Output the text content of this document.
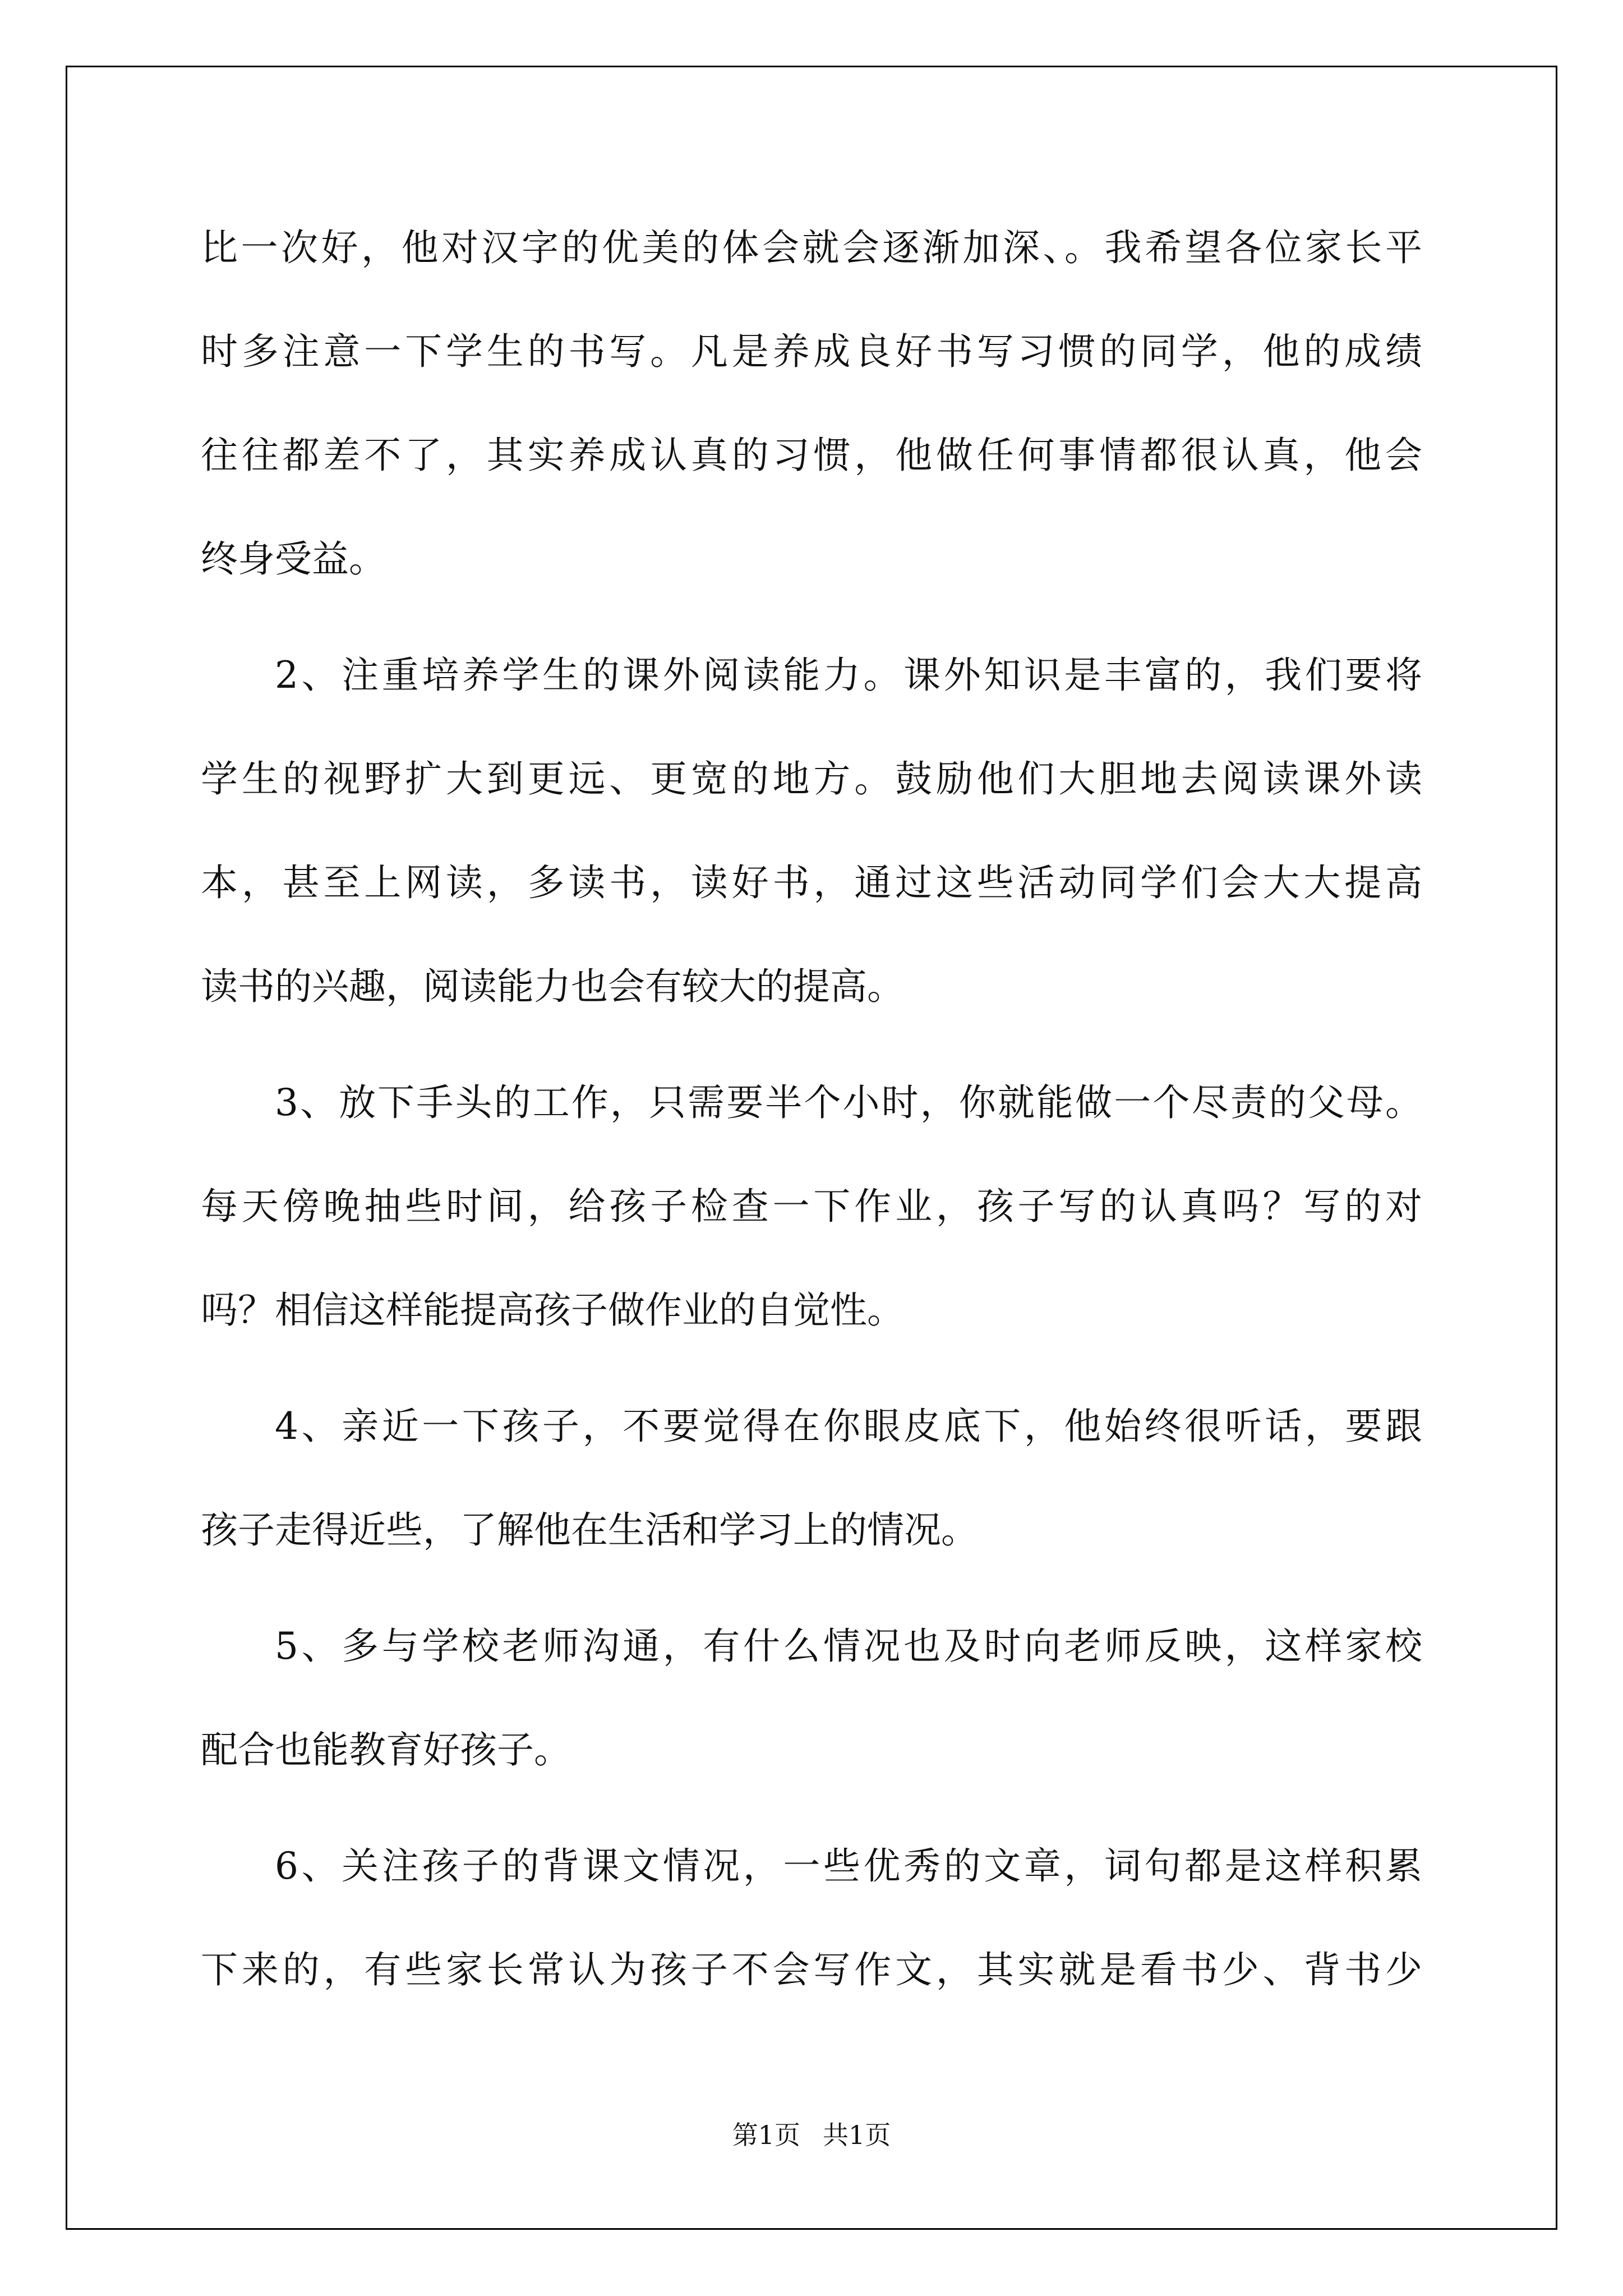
比一次好，他对汉字的优美的体会就会逐渐加深、。我希望各位家长平
时多注意一下学生的书写。凡是养成良好书写习惯的同学，他的成绩
往往都差不了，其实养成认真的习惯，他做任何事情都很认真，他会
终身受益。
2、注重培养学生的课外阅读能力。课外知识是丰富的，我们要将
学生的视野扩大到更远、更宽的地方。鼓励他们大胆地去阅读课外读
本，甚至上网读，多读书，读好书，通过这些活动同学们会大大提高
读书的兴趣，阅读能力也会有较大的提高。
3、放下手头的工作，只需要半个小时，你就能做一个尽责的父母。
每天傍晚抽些时间，给孩子检查一下作业，孩子写的认真吗？写的对
吗？相信这样能提高孩子做作业的自觉性。
4、亲近一下孩子，不要觉得在你眼皮底下，他始终很听话，要跟
孩子走得近些，了解他在生活和学习上的情况。
5、多与学校老师沟通，有什么情况也及时向老师反映，这样家校
配合也能教育好孩子。
6、关注孩子的背课文情况，一些优秀的文章，词句都是这样积累
下来的，有些家长常认为孩子不会写作文，其实就是看书少、背书少
第1页 共1页
